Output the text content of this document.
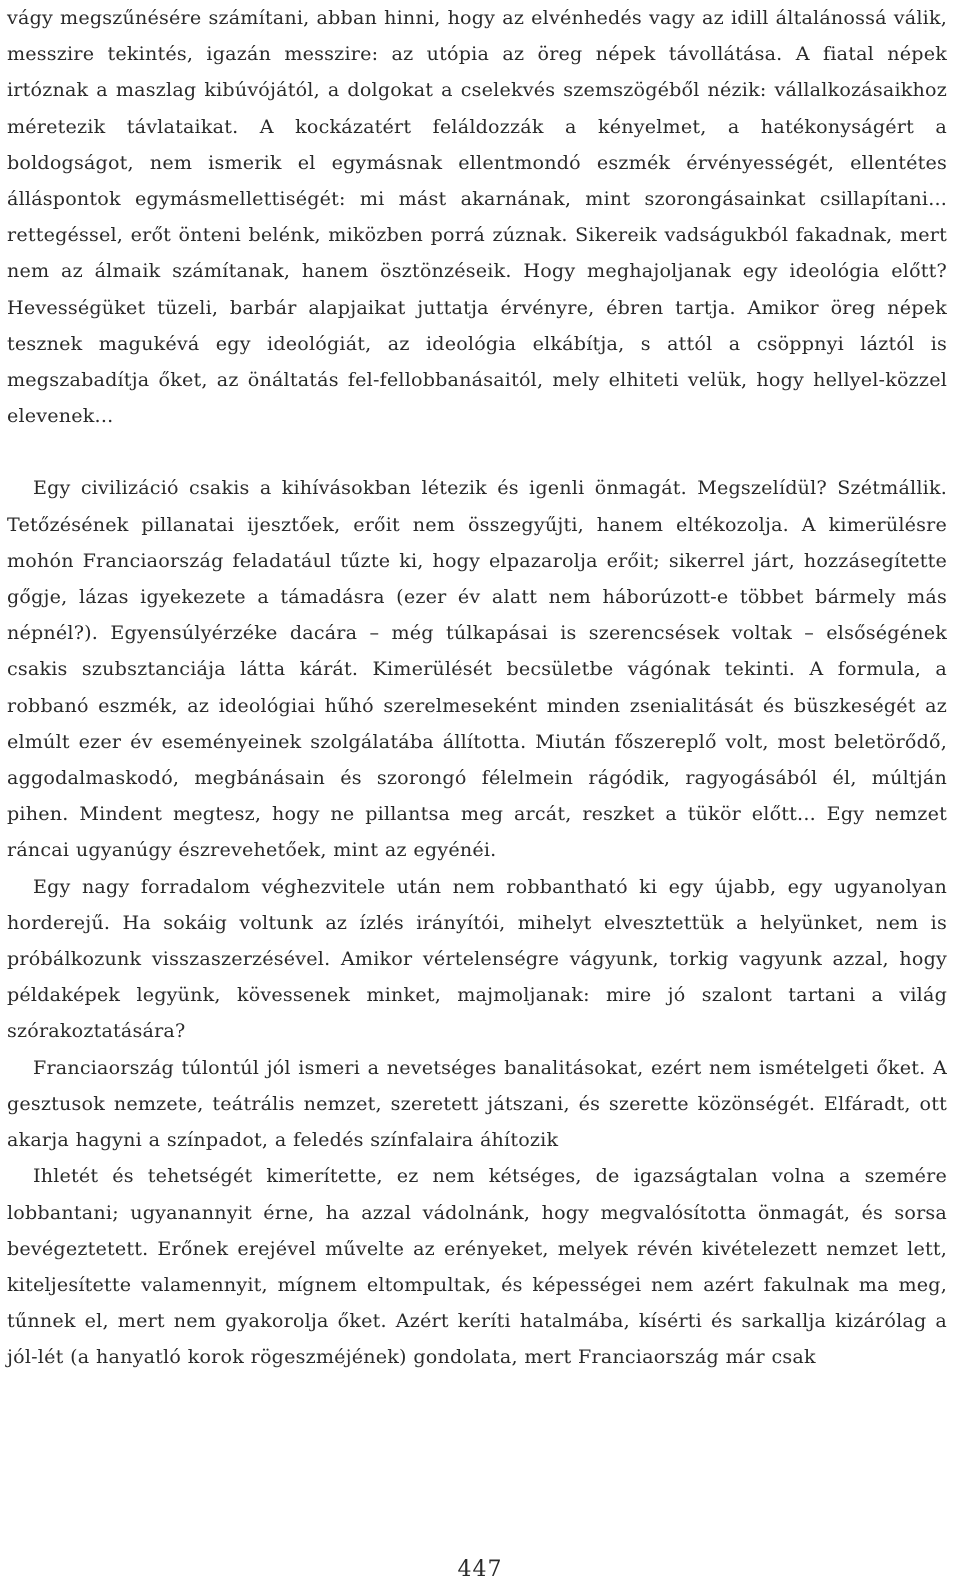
vágy megszűnésére számítani, abban hinni, hogy az elvénhedés vagy az idill általánossá válik, messzire tekintés, igazán messzire: az utópia az öreg népek távollátása. A fiatal népek irtóznak a maszlag kibúvójától, a dolgokat a cselekvés szemszögéből nézik: vállalkozásaikhoz méretezik távlataikat. A kockázatért feláldozzák a kényelmet, a hatékonyságért a boldogságot, nem ismerik el egymásnak ellentmondó eszmék érvényességét, ellentétes álláspontok egymásmellettiségét: mi mást akarnának, mint szorongásainkat csillapítani... rettegéssel, erőt önteni belénk, miközben porrá zúznak. Sikereik vadságukból fakadnak, mert nem az álmaik számítanak, hanem ösztönzéseik. Hogy meghajoljanak egy ideológia előtt? Hevességüket tüzeli, barbár alapjaikat juttatja érvényre, ébren tartja. Amikor öreg népek tesznek magukévá egy ideológiát, az ideológia elkábítja, s attól a csöppnyi láztól is megszabadítja őket, az önáltatás fel-fellobbanásaitól, mely elhiteti velük, hogy hellyel-közzel elevenek...

Egy civilizáció csakis a kihívásokban létezik és igenli önmagát. Megszelídül? Szétmállik. Tetőzésének pillanatai ijesztőek, erőit nem összegyűjti, hanem eltékozolja. A kimerülésre mohón Franciaország feladatául tűzte ki, hogy elpazarolja erőit; sikerrel járt, hozzásegítette gőgje, lázas igyekezete a támadásra (ezer év alatt nem háborúzott-e többet bármely más népnél?). Egyensúlyérzéke dacára – még túlkapásai is szerencsések voltak – elsőségének csakis szubsztanciája látta kárát. Kimerülését becsületbe vágónak tekinti. A formula, a robbanó eszmék, az ideológiai hűhó szerelmeseként minden zsenialitását és büszkeségét az elmúlt ezer év eseményeinek szolgálatába állította. Miután főszereplő volt, most beletörődő, aggodalmaskodó, megbánásain és szorongó félelmein rágódik, ragyogásából él, múltján pihen. Mindent megtesz, hogy ne pillantsa meg arcát, reszket a tükör előtt... Egy nemzet ráncai ugyanúgy észrevehetőek, mint az egyénéi.

Egy nagy forradalom véghezvitele után nem robbantható ki egy újabb, egy ugyanolyan horderejű. Ha sokáig voltunk az ízlés irányítói, mihelyt elvesztettük a helyünket, nem is próbálkozunk visszaszerzésével. Amikor vértelenségre vágyunk, torkig vagyunk azzal, hogy példaképek legyünk, kövessenek minket, majmoljanak: mire jó szalont tartani a világ szórakoztatására?

Franciaország túlontúl jól ismeri a nevetséges banalitásokat, ezért nem ismételgeti őket. A gesztusok nemzete, teátrális nemzet, szeretett játszani, és szerette közönségét. Elfáradt, ott akarja hagyni a színpadot, a feledés színfalaira áhítozik

Ihletét és tehetségét kimerítette, ez nem kétséges, de igazságtalan volna a szemére lobbantani; ugyanannyit érne, ha azzal vádolnánk, hogy megvalósította önmagát, és sorsa bevégeztetett. Erőnek erejével művelte az erényeket, melyek révén kivételezett nemzet lett, kiteljesítette valamennyit, mígnem eltompultak, és képességei nem azért fakulnak ma meg, tűnnek el, mert nem gyakorolja őket. Azért keríti hatalmába, kísérti és sarkallja kizárólag a jól-lét (a hanyatló korok rögeszméjének) gondolata, mert Franciaország már csak

447
